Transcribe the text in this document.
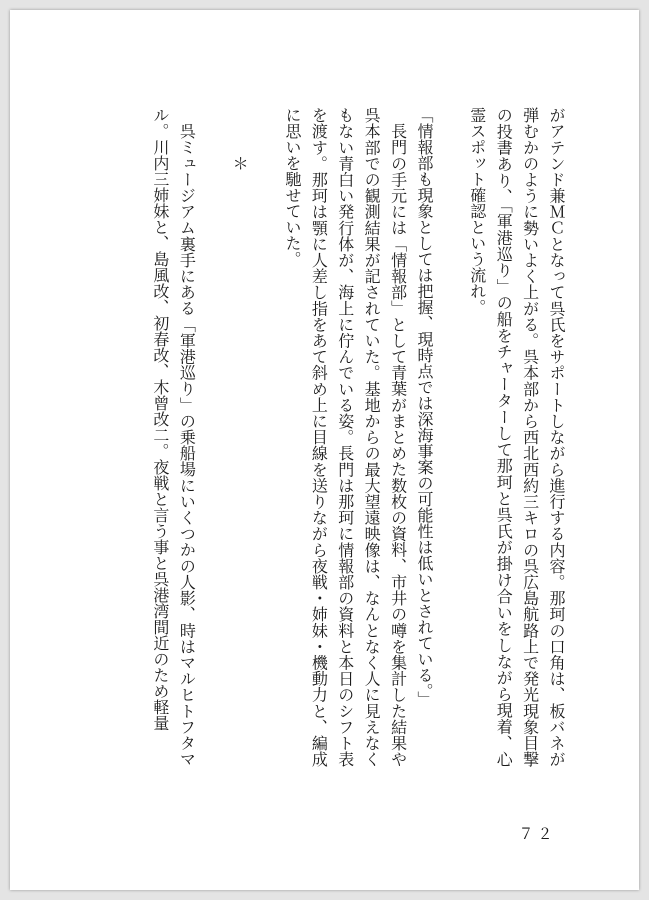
がアテンド兼ＭＣとなって呉氏をサポートしながら進行する内容。那珂の口角は、板バネが弾むかのように勢いよく上がる。呉本部から西北西約三キロの呉広島航路上で発光現象目撃の投書あり、「軍港巡り」の船をチャーターして那珂と呉氏が掛け合いをしながら現着、心霊スポット確認という流れ。

「情報部も現象としては把握、現時点では深海事案の可能性は低いとされている。」

長門の手元には「情報部」として青葉がまとめた数枚の資料、市井の噂を集計した結果や呉本部での観測結果が記されていた。基地からの最大望遠映像は、なんとなく人に見えなくもない青白い発行体が、海上に佇んでいる姿。長門は那珂に情報部の資料と本日のシフト表を渡す。那珂は顎に人差し指をあて斜め上に目線を送りながら夜戦・姉妹・機動力と、編成に思いを馳せていた。

＊

呉ミュージアム裏手にある「軍港巡り」の乗船場にいくつかの人影、時はマルヒトフタマル。川内三姉妹と、島風改、初春改、木曾改二。夜戦と言う事と呉港湾間近のため軽量

７２
